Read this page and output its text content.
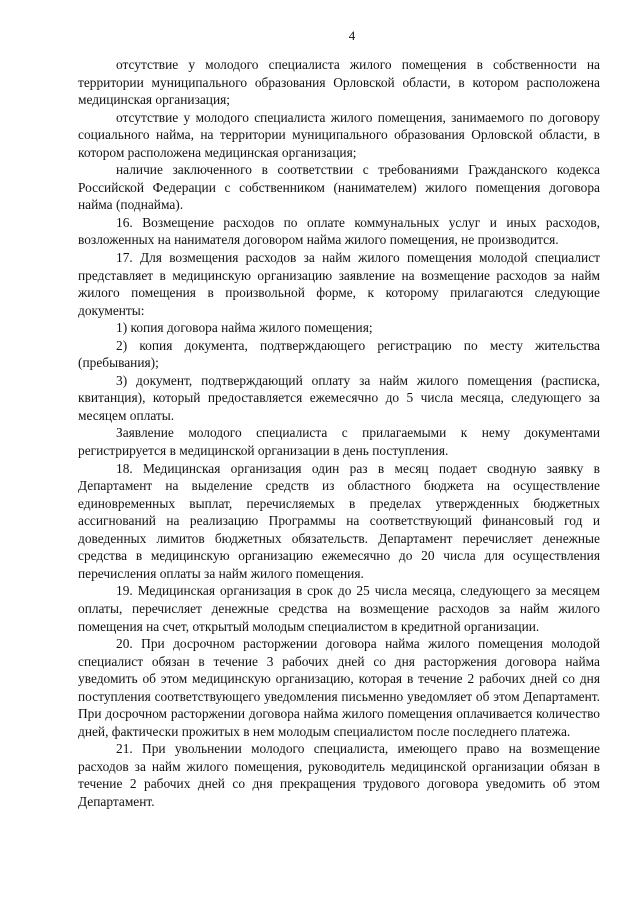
4

отсутствие у молодого специалиста жилого помещения в собственности на территории муниципального образования Орловской области, в котором расположена медицинская организация;

отсутствие у молодого специалиста жилого помещения, занимаемого по договору социального найма, на территории муниципального образования Орловской области, в котором расположена медицинская организация;

наличие заключенного в соответствии с требованиями Гражданского кодекса Российской Федерации с собственником (нанимателем) жилого помещения договора найма (поднайма).

16. Возмещение расходов по оплате коммунальных услуг и иных расходов, возложенных на нанимателя договором найма жилого помещения, не производится.

17. Для возмещения расходов за найм жилого помещения молодой специалист представляет в медицинскую организацию заявление на возмещение расходов за найм жилого помещения в произвольной форме, к которому прилагаются следующие документы:

1) копия договора найма жилого помещения;

2) копия документа, подтверждающего регистрацию по месту жительства (пребывания);

3) документ, подтверждающий оплату за найм жилого помещения (расписка, квитанция), который предоставляется ежемесячно до 5 числа месяца, следующего за месяцем оплаты.

Заявление молодого специалиста с прилагаемыми к нему документами регистрируется в медицинской организации в день поступления.

18. Медицинская организация один раз в месяц подает сводную заявку в Департамент на выделение средств из областного бюджета на осуществление единовременных выплат, перечисляемых в пределах утвержденных бюджетных ассигнований на реализацию Программы на соответствующий финансовый год и доведенных лимитов бюджетных обязательств. Департамент перечисляет денежные средства в медицинскую организацию ежемесячно до 20 числа для осуществления перечисления оплаты за найм жилого помещения.

19. Медицинская организация в срок до 25 числа месяца, следующего за месяцем оплаты, перечисляет денежные средства на возмещение расходов за найм жилого помещения на счет, открытый молодым специалистом в кредитной организации.

20. При досрочном расторжении договора найма жилого помещения молодой специалист обязан в течение 3 рабочих дней со дня расторжения договора найма уведомить об этом медицинскую организацию, которая в течение 2 рабочих дней со дня поступления соответствующего уведомления письменно уведомляет об этом Департамент. При досрочном расторжении договора найма жилого помещения оплачивается количество дней, фактически прожитых в нем молодым специалистом после последнего платежа.

21. При увольнении молодого специалиста, имеющего право на возмещение расходов за найм жилого помещения, руководитель медицинской организации обязан в течение 2 рабочих дней со дня прекращения трудового договора уведомить об этом Департамент.
